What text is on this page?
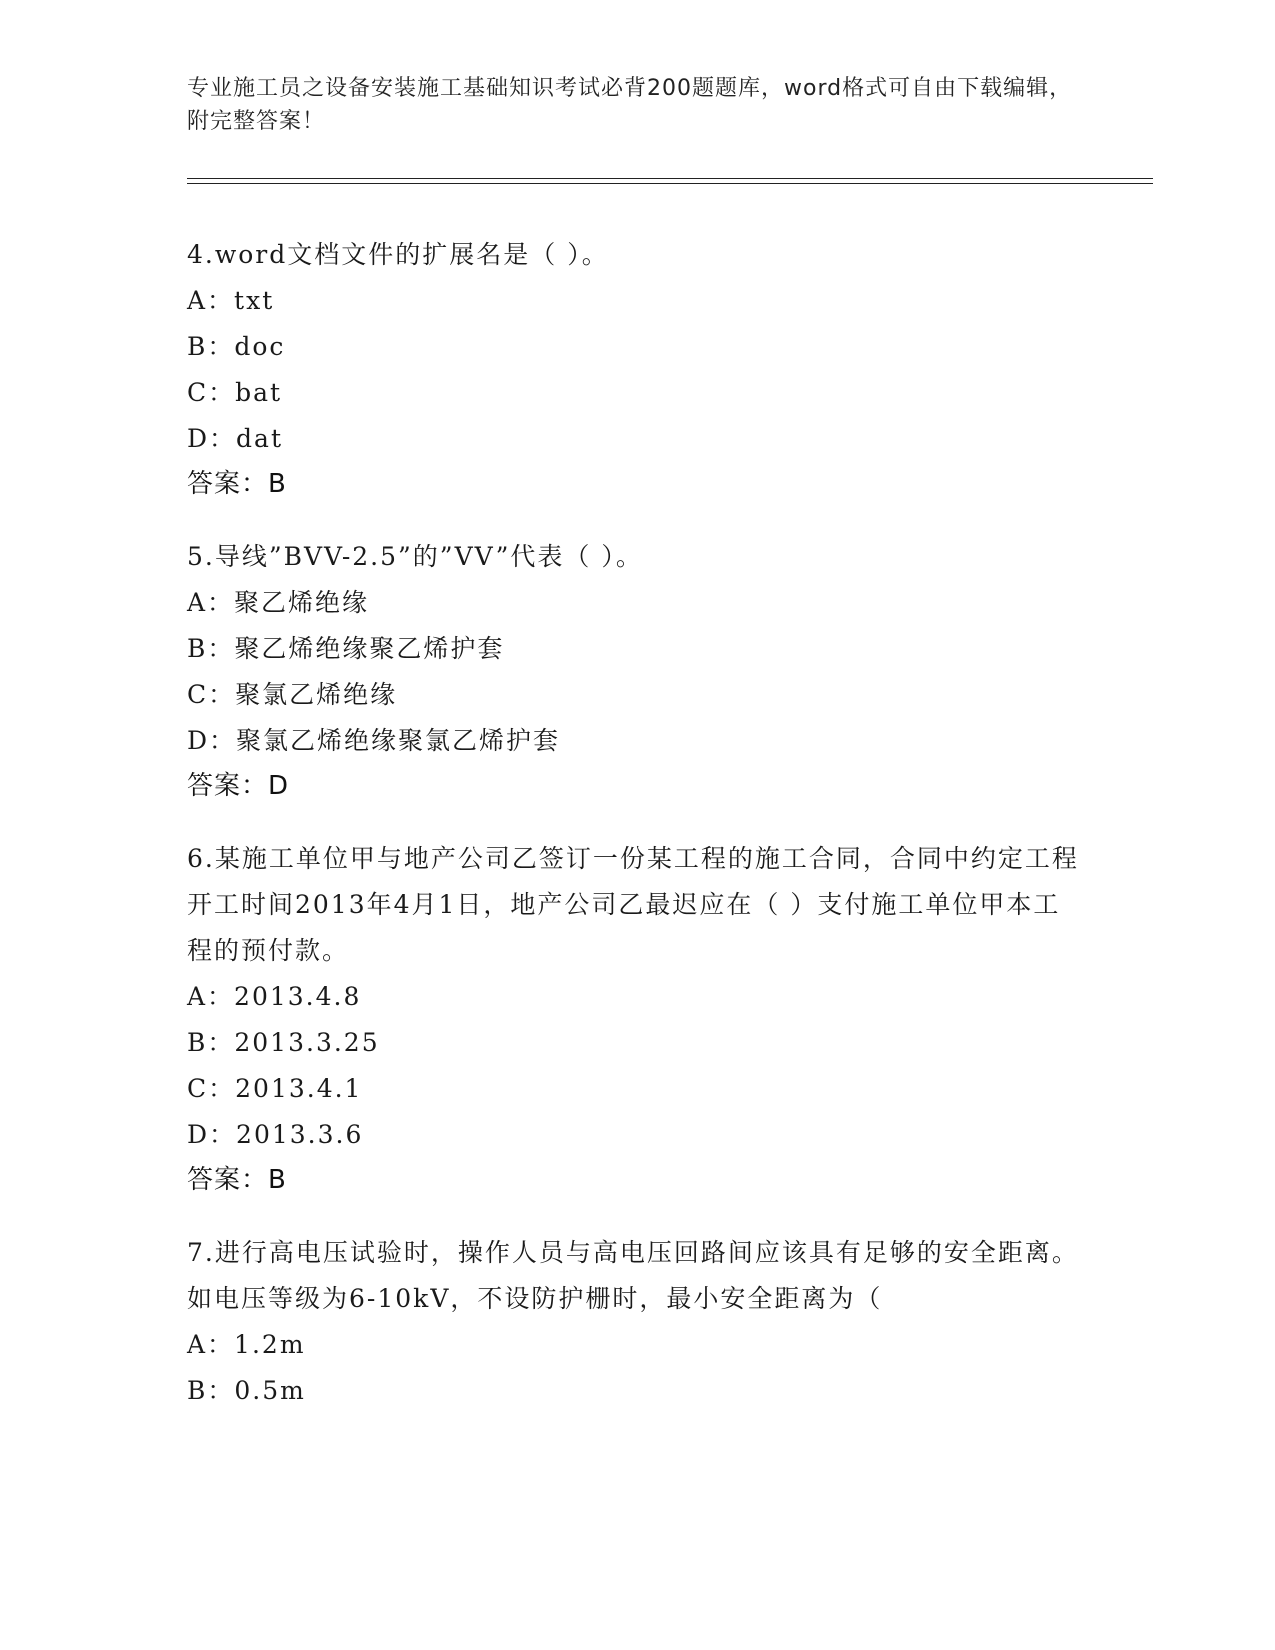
专业施工员之设备安装施工基础知识考试必背200题题库，word格式可自由下载编辑，附完整答案！

4.word文档文件的扩展名是（ ）。

A：txt

B：doc

C：bat

D：dat

答案：B

5.导线”BVV-2.5”的”VV”代表（ ）。

A：聚乙烯绝缘

B：聚乙烯绝缘聚乙烯护套

C：聚氯乙烯绝缘

D：聚氯乙烯绝缘聚氯乙烯护套

答案：D

6.某施工单位甲与地产公司乙签订一份某工程的施工合同，合同中约定工程开工时间2013年4月1日，地产公司乙最迟应在（ ）支付施工单位甲本工程的预付款。

A：2013.4.8

B：2013.3.25

C：2013.4.1

D：2013.3.6

答案：B

7.进行高电压试验时，操作人员与高电压回路间应该具有足够的安全距离。如电压等级为6-10kV，不设防护栅时，最小安全距离为（

A：1.2m

B：0.5m
